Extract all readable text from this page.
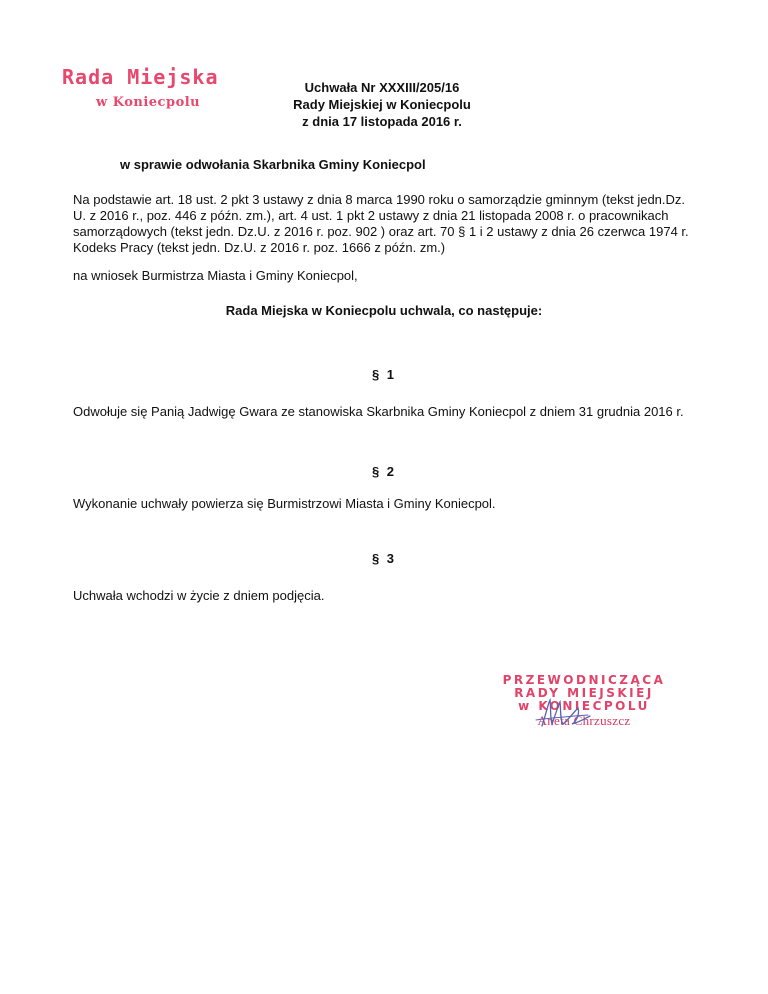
Rada Miejska
w Koniecpolu
Uchwała Nr XXXIII/205/16
Rady Miejskiej w Koniecpolu
z dnia 17 listopada 2016 r.
w sprawie odwołania Skarbnika Gminy Koniecpol
Na podstawie art. 18 ust. 2 pkt 3 ustawy z dnia 8 marca 1990 roku o samorządzie gminnym (tekst jedn.Dz. U. z 2016 r., poz. 446 z późn. zm.), art. 4 ust. 1 pkt 2 ustawy z dnia 21 listopada 2008 r. o pracownikach samorządowych (tekst jedn. Dz.U. z 2016 r. poz. 902 ) oraz art. 70 § 1 i 2 ustawy z dnia 26 czerwca 1974 r. Kodeks Pracy (tekst jedn. Dz.U. z 2016 r. poz. 1666 z późn. zm.)
na wniosek Burmistrza Miasta i Gminy Koniecpol,
Rada Miejska w Koniecpolu uchwala, co następuje:
§ 1
Odwołuje się Panią Jadwigę Gwara ze stanowiska Skarbnika Gminy Koniecpol z dniem 31 grudnia 2016 r.
§ 2
Wykonanie uchwały powierza się Burmistrzowi Miasta i Gminy Koniecpol.
§ 3
Uchwała wchodzi w życie z dniem podjęcia.
PRZEWODNICZĄCA
RADY MIEJSKIEJ
w KONIECPOLU
Aneta Chrzuszcz
